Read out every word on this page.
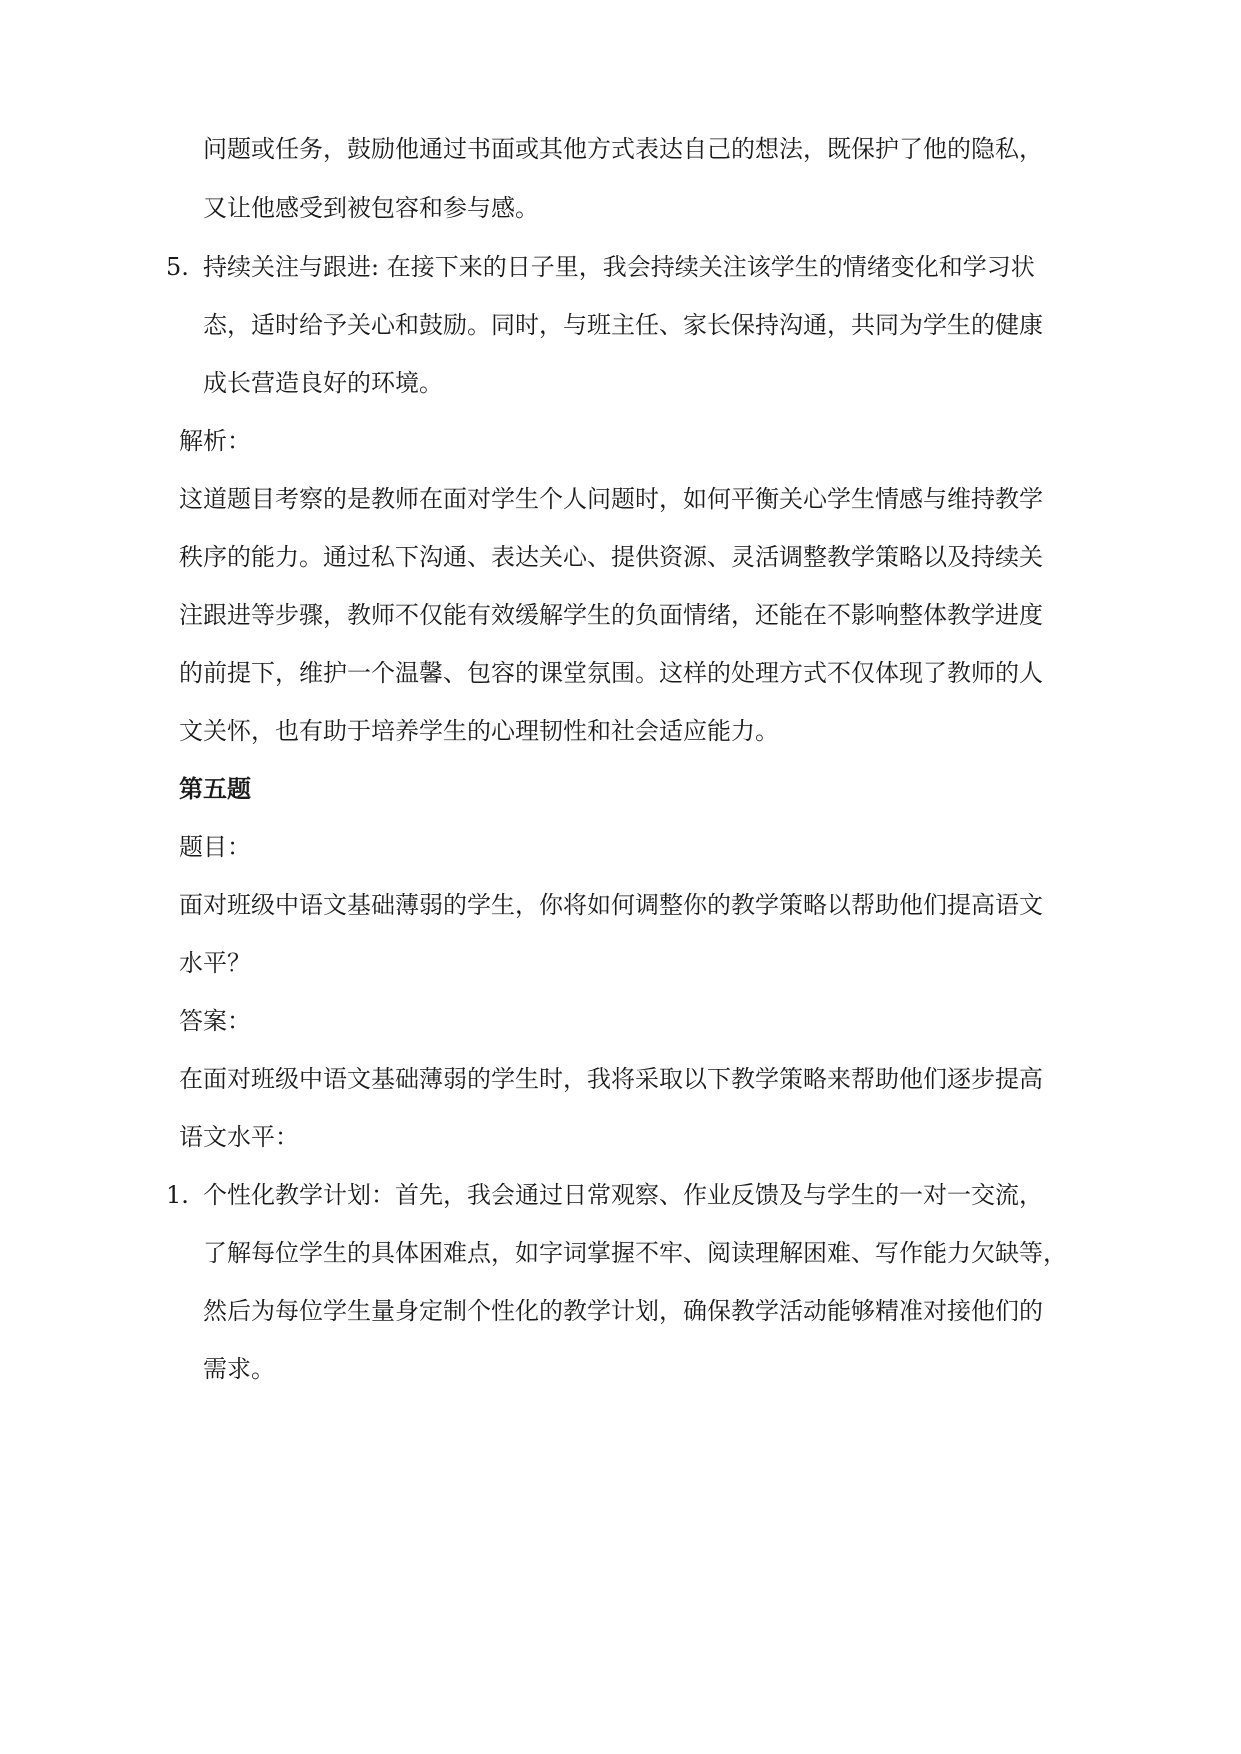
问题或任务，鼓励他通过书面或其他方式表达自己的想法，既保护了他的隐私，
又让他感受到被包容和参与感。
5. 持续关注与跟进: 在接下来的日子里，我会持续关注该学生的情绪变化和学习状
态，适时给予关心和鼓励。同时，与班主任、家长保持沟通，共同为学生的健康
成长营造良好的环境。
解析：
这道题目考察的是教师在面对学生个人问题时，如何平衡关心学生情感与维持教学
秩序的能力。通过私下沟通、表达关心、提供资源、灵活调整教学策略以及持续关
注跟进等步骤，教师不仅能有效缓解学生的负面情绪，还能在不影响整体教学进度
的前提下，维护一个温馨、包容的课堂氛围。这样的处理方式不仅体现了教师的人
文关怀，也有助于培养学生的心理韧性和社会适应能力。
第五题
题目：
面对班级中语文基础薄弱的学生，你将如何调整你的教学策略以帮助他们提高语文
水平？
答案：
在面对班级中语文基础薄弱的学生时，我将采取以下教学策略来帮助他们逐步提高
语文水平：
1. 个性化教学计划：首先，我会通过日常观察、作业反馈及与学生的一对一交流，
了解每位学生的具体困难点，如字词掌握不牢、阅读理解困难、写作能力欠缺等，
然后为每位学生量身定制个性化的教学计划，确保教学活动能够精准对接他们的
需求。
